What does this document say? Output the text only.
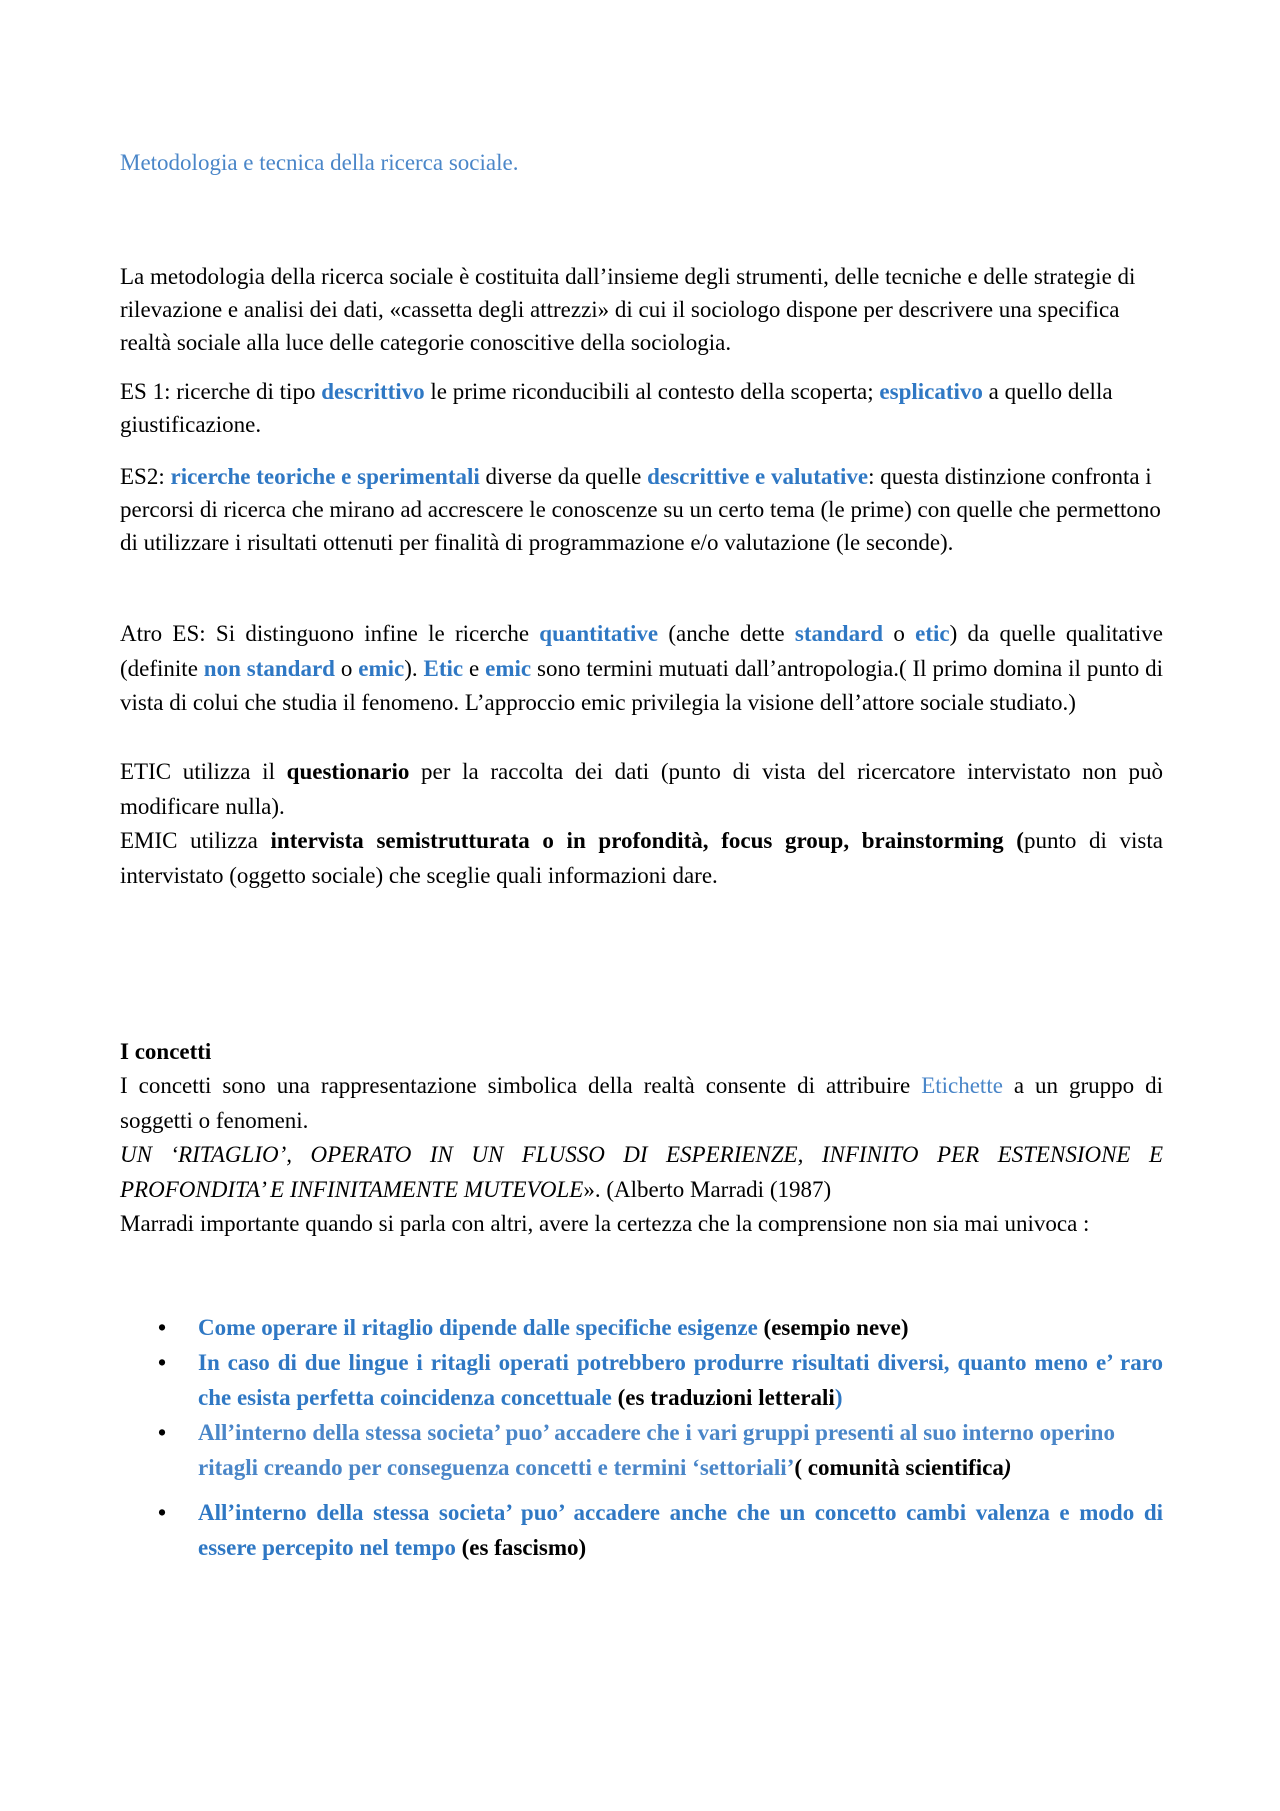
Metodologia e tecnica della ricerca sociale.

La metodologia della ricerca sociale è costituita dall’insieme degli strumenti, delle tecniche e delle strategie di rilevazione e analisi dei dati, «cassetta degli attrezzi» di cui il sociologo dispone per descrivere una specifica realtà sociale alla luce delle categorie conoscitive della sociologia.

ES 1: ricerche di tipo descrittivo le prime riconducibili al contesto della scoperta; esplicativo a quello della giustificazione.

ES2: ricerche teoriche e sperimentali diverse da quelle descrittive e valutative: questa distinzione confronta i percorsi di ricerca che mirano ad accrescere le conoscenze su un certo tema (le prime) con quelle che permettono di utilizzare i risultati ottenuti per finalità di programmazione e/o valutazione (le seconde).

Atro ES: Si distinguono infine le ricerche quantitative (anche dette standard o etic) da quelle qualitative (definite non standard o emic). Etic e emic sono termini mutuati dall’antropologia.( Il primo domina il punto di vista di colui che studia il fenomeno. L’approccio emic privilegia la visione dell’attore sociale studiato.)

ETIC utilizza il questionario per la raccolta dei dati (punto di vista del ricercatore intervistato non può modificare nulla).

EMIC utilizza intervista semistrutturata o in profondità, focus group, brainstorming (punto di vista intervistato (oggetto sociale) che sceglie quali informazioni dare.

I concetti

I concetti sono una rappresentazione simbolica della realtà consente di attribuire Etichette a un gruppo di soggetti o fenomeni.

UN ‘RITAGLIO’, OPERATO IN UN FLUSSO DI ESPERIENZE, INFINITO PER ESTENSIONE E PROFONDITA’ E INFINITAMENTE MUTEVOLE». (Alberto Marradi (1987)

Marradi importante quando si parla con altri, avere la certezza che la comprensione non sia mai univoca :

• Come operare il ritaglio dipende dalle specifiche esigenze (esempio neve)
• In caso di due lingue i ritagli operati potrebbero produrre risultati diversi, quanto meno e’ raro che esista perfetta coincidenza concettuale (es traduzioni letterali)
• All’interno della stessa societa’ puo’ accadere che i vari gruppi presenti al suo interno operino ritagli creando per conseguenza concetti e termini ‘settoriali’( comunità scientifica)
• All’interno della stessa societa’ puo’ accadere anche che un concetto cambi valenza e modo di essere percepito nel tempo (es fascismo)
